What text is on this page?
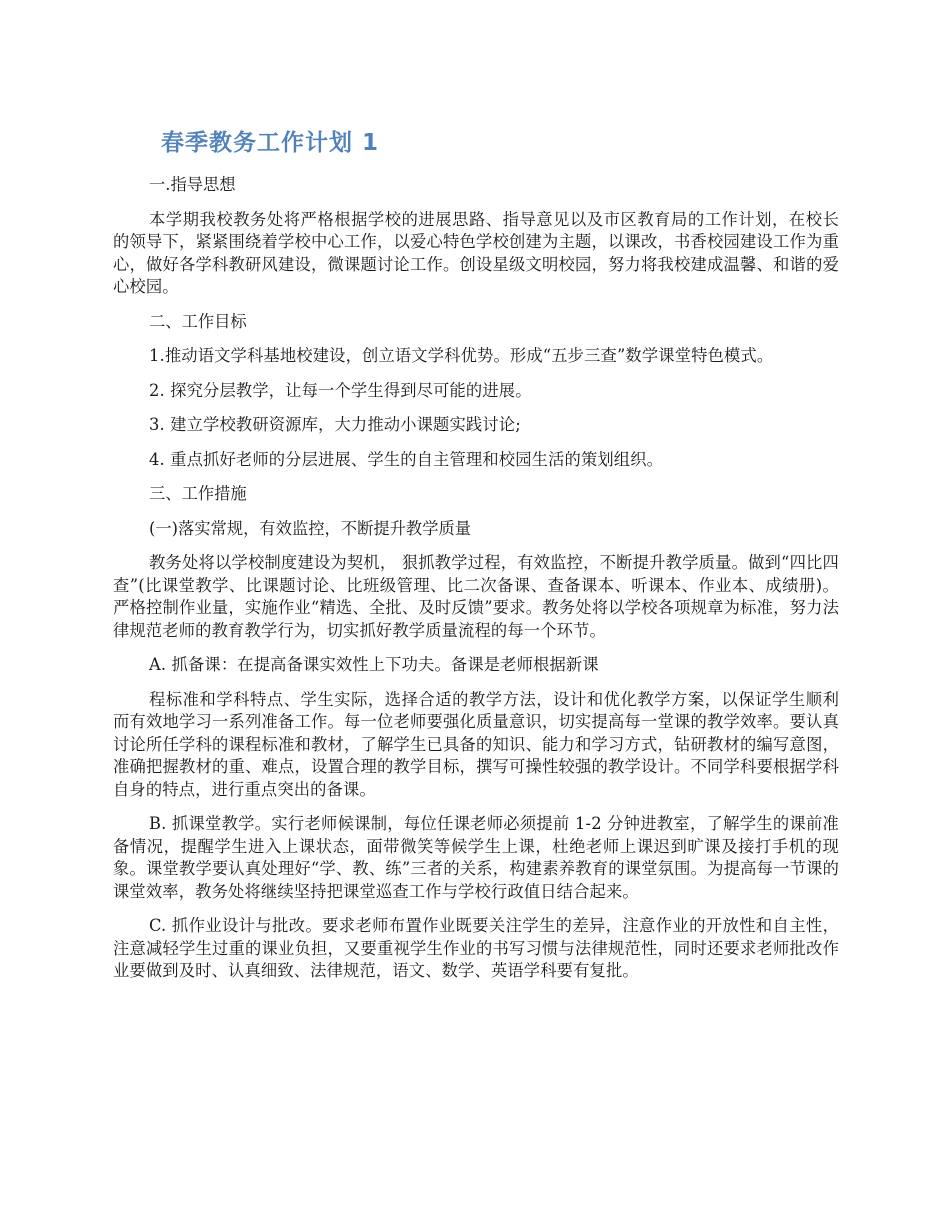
春季教务工作计划 1

一.指导思想

本学期我校教务处将严格根据学校的进展思路、指导意见以及市区教育局的工作计划，在校长的领导下，紧紧围绕着学校中心工作，以爱心特色学校创建为主题，以课改，书香校园建设工作为重心，做好各学科教研风建设，微课题讨论工作。创设星级文明校园，努力将我校建成温馨、和谐的爱心校园。

二、工作目标

1.推动语文学科基地校建设，创立语文学科优势。形成“五步三查”数学课堂特色模式。

2. 探究分层教学，让每一个学生得到尽可能的进展。

3. 建立学校教研资源库，大力推动小课题实践讨论;

4. 重点抓好老师的分层进展、学生的自主管理和校园生活的策划组织。

三、工作措施

(一)落实常规，有效监控，不断提升教学质量

教务处将以学校制度建设为契机， 狠抓教学过程，有效监控，不断提升教学质量。做到“四比四查”(比课堂教学、比课题讨论、比班级管理、比二次备课、查备课本、听课本、作业本、成绩册)。严格控制作业量，实施作业“精选、全批、及时反馈”要求。教务处将以学校各项规章为标准，努力法律规范老师的教育教学行为，切实抓好教学质量流程的每一个环节。

A. 抓备课：在提高备课实效性上下功夫。备课是老师根据新课

程标准和学科特点、学生实际，选择合适的教学方法，设计和优化教学方案，以保证学生顺利而有效地学习一系列准备工作。每一位老师要强化质量意识，切实提高每一堂课的教学效率。要认真讨论所任学科的课程标准和教材，了解学生已具备的知识、能力和学习方式，钻研教材的编写意图，准确把握教材的重、难点，设置合理的教学目标，撰写可操性较强的教学设计。不同学科要根据学科自身的特点，进行重点突出的备课。

B. 抓课堂教学。实行老师候课制，每位任课老师必须提前 1-2 分钟进教室，了解学生的课前准备情况，提醒学生进入上课状态，面带微笑等候学生上课，杜绝老师上课迟到旷课及接打手机的现象。课堂教学要认真处理好“学、教、练”三者的关系，构建素养教育的课堂氛围。为提高每一节课的课堂效率，教务处将继续坚持把课堂巡查工作与学校行政值日结合起来。

C. 抓作业设计与批改。要求老师布置作业既要关注学生的差异，注意作业的开放性和自主性，注意减轻学生过重的课业负担，又要重视学生作业的书写习惯与法律规范性，同时还要求老师批改作业要做到及时、认真细致、法律规范，语文、数学、英语学科要有复批。
